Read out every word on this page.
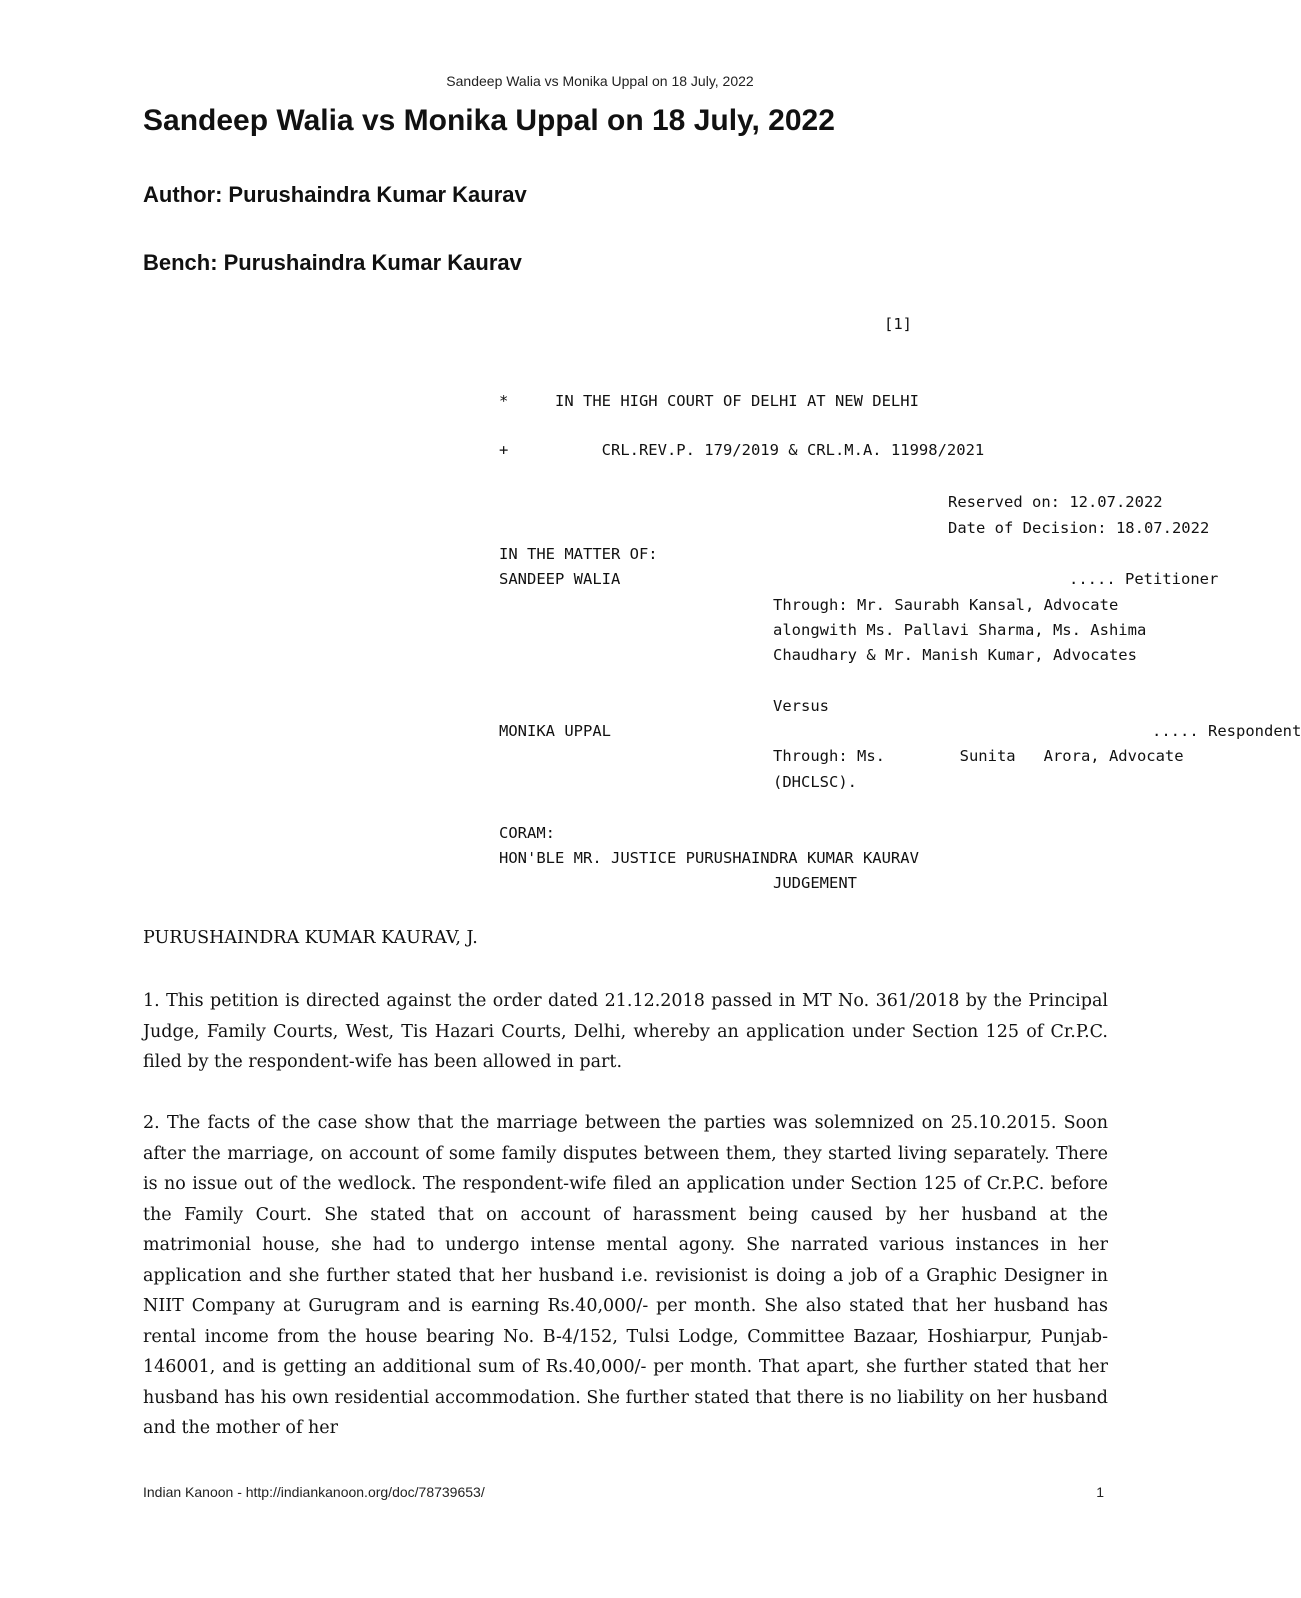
Sandeep Walia vs Monika Uppal on 18 July, 2022
Sandeep Walia vs Monika Uppal on 18 July, 2022
Author: Purushaindra Kumar Kaurav
Bench: Purushaindra Kumar Kaurav
[1]
*     IN THE HIGH COURT OF DELHI AT NEW DELHI
+          CRL.REV.P. 179/2019 & CRL.M.A. 11998/2021
Reserved on: 12.07.2022
Date of Decision: 18.07.2022
IN THE MATTER OF:
SANDEEP WALIA	..... Petitioner
Through: Mr. Saurabh Kansal, Advocate
alongwith Ms. Pallavi Sharma, Ms. Ashima
Chaudhary & Mr. Manish Kumar, Advocates
Versus
MONIKA UPPAL	..... Respondent
Through: Ms.        Sunita   Arora, Advocate
(DHCLSC).
CORAM:
HON'BLE MR. JUSTICE PURUSHAINDRA KUMAR KAURAV
JUDGEMENT

PURUSHAINDRA KUMAR KAURAV, J.

1. This petition is directed against the order dated 21.12.2018 passed in MT No. 361/2018 by the Principal Judge, Family Courts, West, Tis Hazari Courts, Delhi, whereby an application under Section 125 of Cr.P.C. filed by the respondent-wife has been allowed in part.

2. The facts of the case show that the marriage between the parties was solemnized on 25.10.2015. Soon after the marriage, on account of some family disputes between them, they started living separately. There is no issue out of the wedlock. The respondent-wife filed an application under Section 125 of Cr.P.C. before the Family Court. She stated that on account of harassment being caused by her husband at the matrimonial house, she had to undergo intense mental agony. She narrated various instances in her application and she further stated that her husband i.e. revisionist is doing a job of a Graphic Designer in NIIT Company at Gurugram and is earning Rs.40,000/- per month. She also stated that her husband has rental income from the house bearing No. B-4/152, Tulsi Lodge, Committee Bazaar, Hoshiarpur, Punjab-146001, and is getting an additional sum of Rs.40,000/- per month. That apart, she further stated that her husband has his own residential accommodation. She further stated that there is no liability on her husband and the mother of her

Indian Kanoon - http://indiankanoon.org/doc/78739653/	1
